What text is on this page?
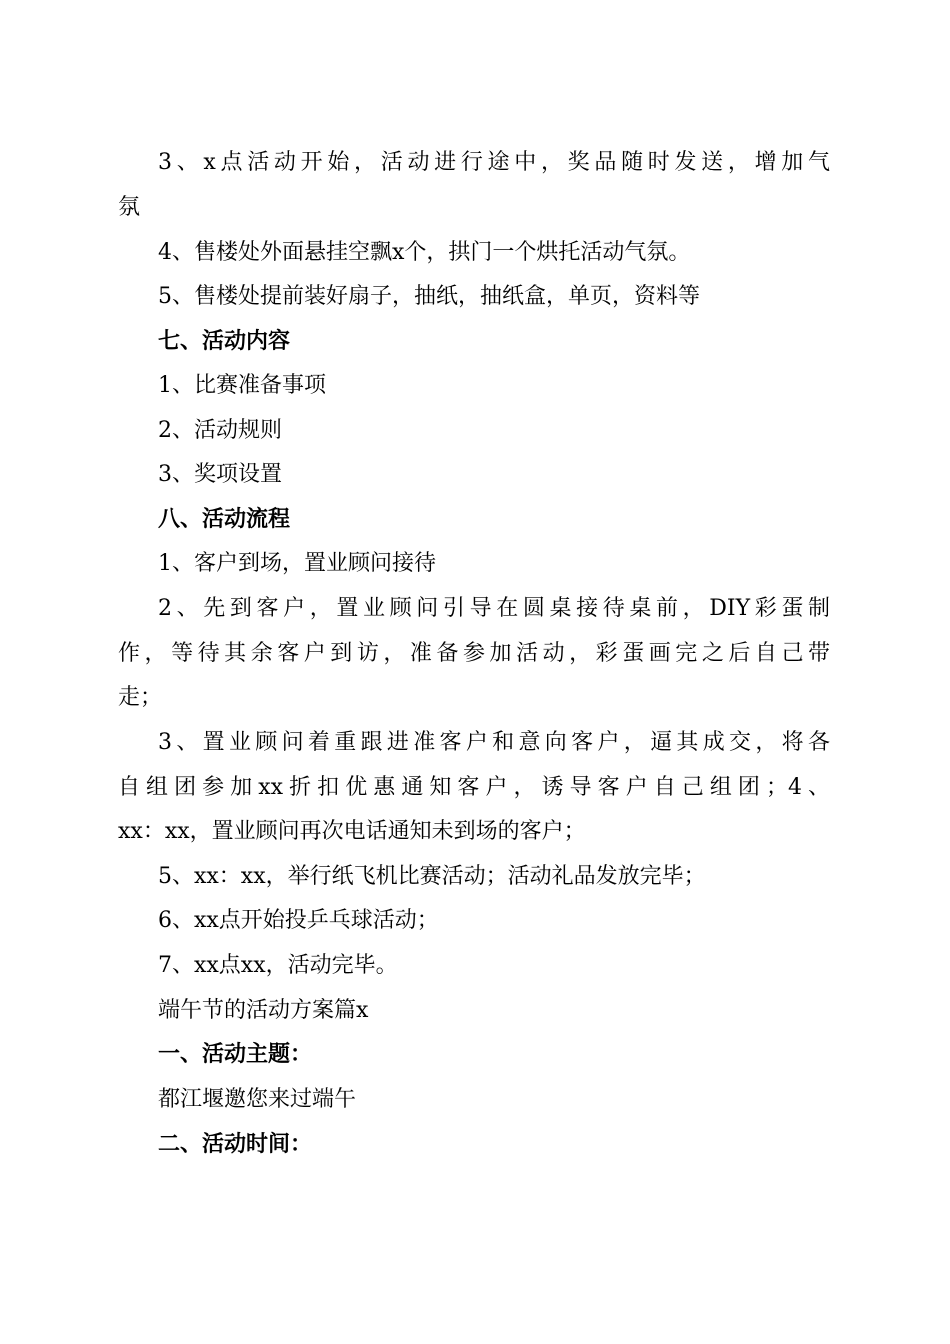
3、x点活动开始，活动进行途中，奖品随时发送，增加气
氛
4、售楼处外面悬挂空飘x个，拱门一个烘托活动气氛。
5、售楼处提前装好扇子，抽纸，抽纸盒，单页，资料等
七、活动内容
1、比赛准备事项
2、活动规则
3、奖项设置
八、活动流程
1、客户到场，置业顾问接待
2、先到客户，置业顾问引导在圆桌接待桌前，DIY彩蛋制
作，等待其余客户到访，准备参加活动，彩蛋画完之后自己带
走；
3、置业顾问着重跟进准客户和意向客户，逼其成交，将各
自组团参加xx折扣优惠通知客户，诱导客户自己组团；4、
xx：xx，置业顾问再次电话通知未到场的客户；
5、xx：xx，举行纸飞机比赛活动；活动礼品发放完毕；
6、xx点开始投乒乓球活动；
7、xx点xx，活动完毕。
端午节的活动方案篇x
一、活动主题：
都江堰邀您来过端午
二、活动时间：
